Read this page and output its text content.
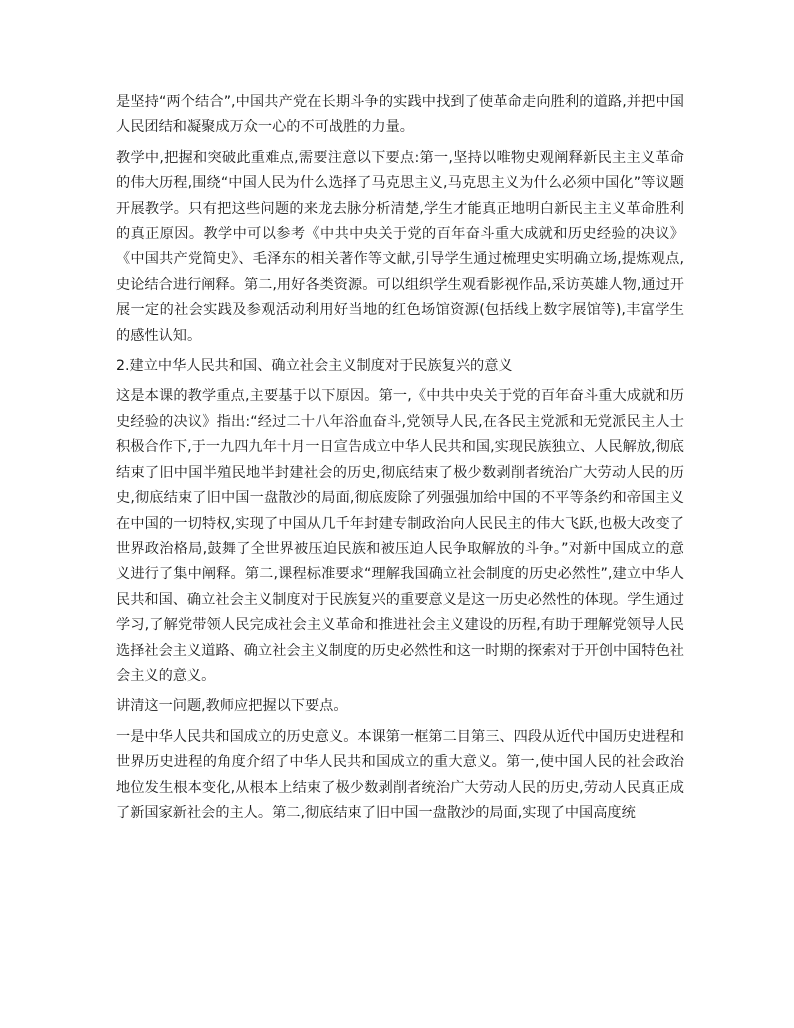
是坚持“两个结合”,中国共产党在长期斗争的实践中找到了使革命走向胜利的道路,并把中国人民团结和凝聚成万众一心的不可战胜的力量。

教学中,把握和突破此重难点,需要注意以下要点:第一,坚持以唯物史观阐释新民主主义革命的伟大历程,围绕“中国人民为什么选择了马克思主义,马克思主义为什么必须中国化”等议题开展教学。只有把这些问题的来龙去脉分析清楚,学生才能真正地明白新民主主义革命胜利的真正原因。教学中可以参考《中共中央关于党的百年奋斗重大成就和历史经验的决议》《中国共产党简史》、毛泽东的相关著作等文献,引导学生通过梳理史实明确立场,提炼观点,史论结合进行阐释。第二,用好各类资源。可以组织学生观看影视作品,采访英雄人物,通过开展一定的社会实践及参观活动利用好当地的红色场馆资源(包括线上数字展馆等),丰富学生的感性认知。

2.建立中华人民共和国、确立社会主义制度对于民族复兴的意义

这是本课的教学重点,主要基于以下原因。第一,《中共中央关于党的百年奋斗重大成就和历史经验的决议》指出:“经过二十八年浴血奋斗,党领导人民,在各民主党派和无党派民主人士积极合作下,于一九四九年十月一日宣告成立中华人民共和国,实现民族独立、人民解放,彻底结束了旧中国半殖民地半封建社会的历史,彻底结束了极少数剥削者统治广大劳动人民的历史,彻底结束了旧中国一盘散沙的局面,彻底废除了列强强加给中国的不平等条约和帝国主义在中国的一切特权,实现了中国从几千年封建专制政治向人民民主的伟大飞跃,也极大改变了世界政治格局,鼓舞了全世界被压迫民族和被压迫人民争取解放的斗争。”对新中国成立的意义进行了集中阐释。第二,课程标准要求“理解我国确立社会制度的历史必然性”,建立中华人民共和国、确立社会主义制度对于民族复兴的重要意义是这一历史必然性的体现。学生通过学习,了解党带领人民完成社会主义革命和推进社会主义建设的历程,有助于理解党领导人民选择社会主义道路、确立社会主义制度的历史必然性和这一时期的探索对于开创中国特色社会主义的意义。

讲清这一问题,教师应把握以下要点。

一是中华人民共和国成立的历史意义。本课第一框第二目第三、四段从近代中国历史进程和世界历史进程的角度介绍了中华人民共和国成立的重大意义。第一,使中国人民的社会政治地位发生根本变化,从根本上结束了极少数剥削者统治广大劳动人民的历史,劳动人民真正成了新国家新社会的主人。第二,彻底结束了旧中国一盘散沙的局面,实现了中国高度统
